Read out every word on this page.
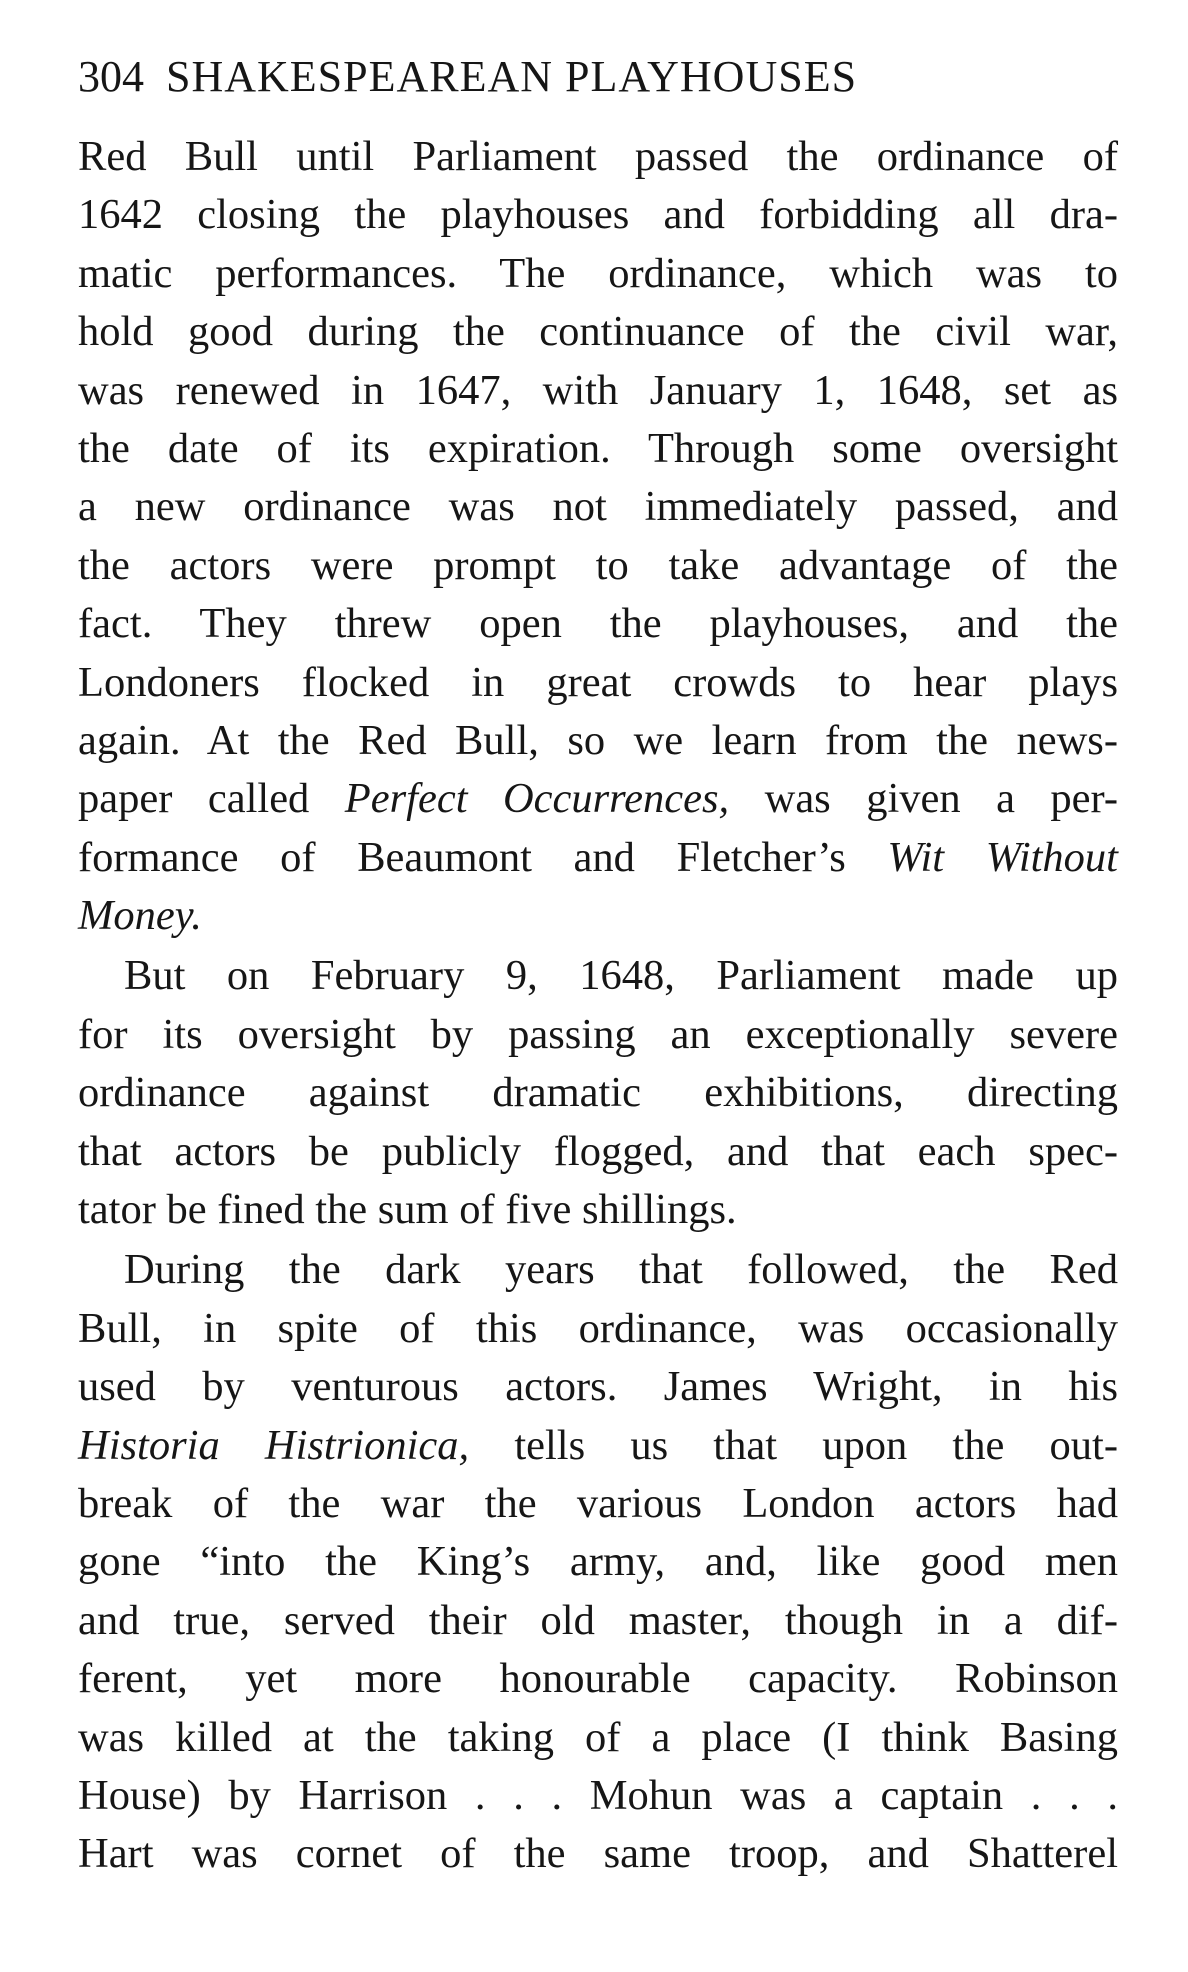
304 SHAKESPEAREAN PLAYHOUSES
Red Bull until Parliament passed the ordinance of
1642 closing the playhouses and forbidding all dra-
matic performances. The ordinance, which was to
hold good during the continuance of the civil war,
was renewed in 1647, with January 1, 1648, set as
the date of its expiration. Through some oversight
a new ordinance was not immediately passed, and
the actors were prompt to take advantage of the
fact. They threw open the playhouses, and the
Londoners flocked in great crowds to hear plays
again. At the Red Bull, so we learn from the news-
paper called Perfect Occurrences, was given a per-
formance of Beaumont and Fletcher’s Wit Without
Money.
But on February 9, 1648, Parliament made up
for its oversight by passing an exceptionally severe
ordinance against dramatic exhibitions, directing
that actors be publicly flogged, and that each spec-
tator be fined the sum of five shillings.
During the dark years that followed, the Red
Bull, in spite of this ordinance, was occasionally
used by venturous actors. James Wright, in his
Historia Histrionica, tells us that upon the out-
break of the war the various London actors had
gone “into the King’s army, and, like good men
and true, served their old master, though in a dif-
ferent, yet more honourable capacity. Robinson
was killed at the taking of a place (I think Basing
House) by Harrison . . . Mohun was a captain . . .
Hart was cornet of the same troop, and Shatterel
